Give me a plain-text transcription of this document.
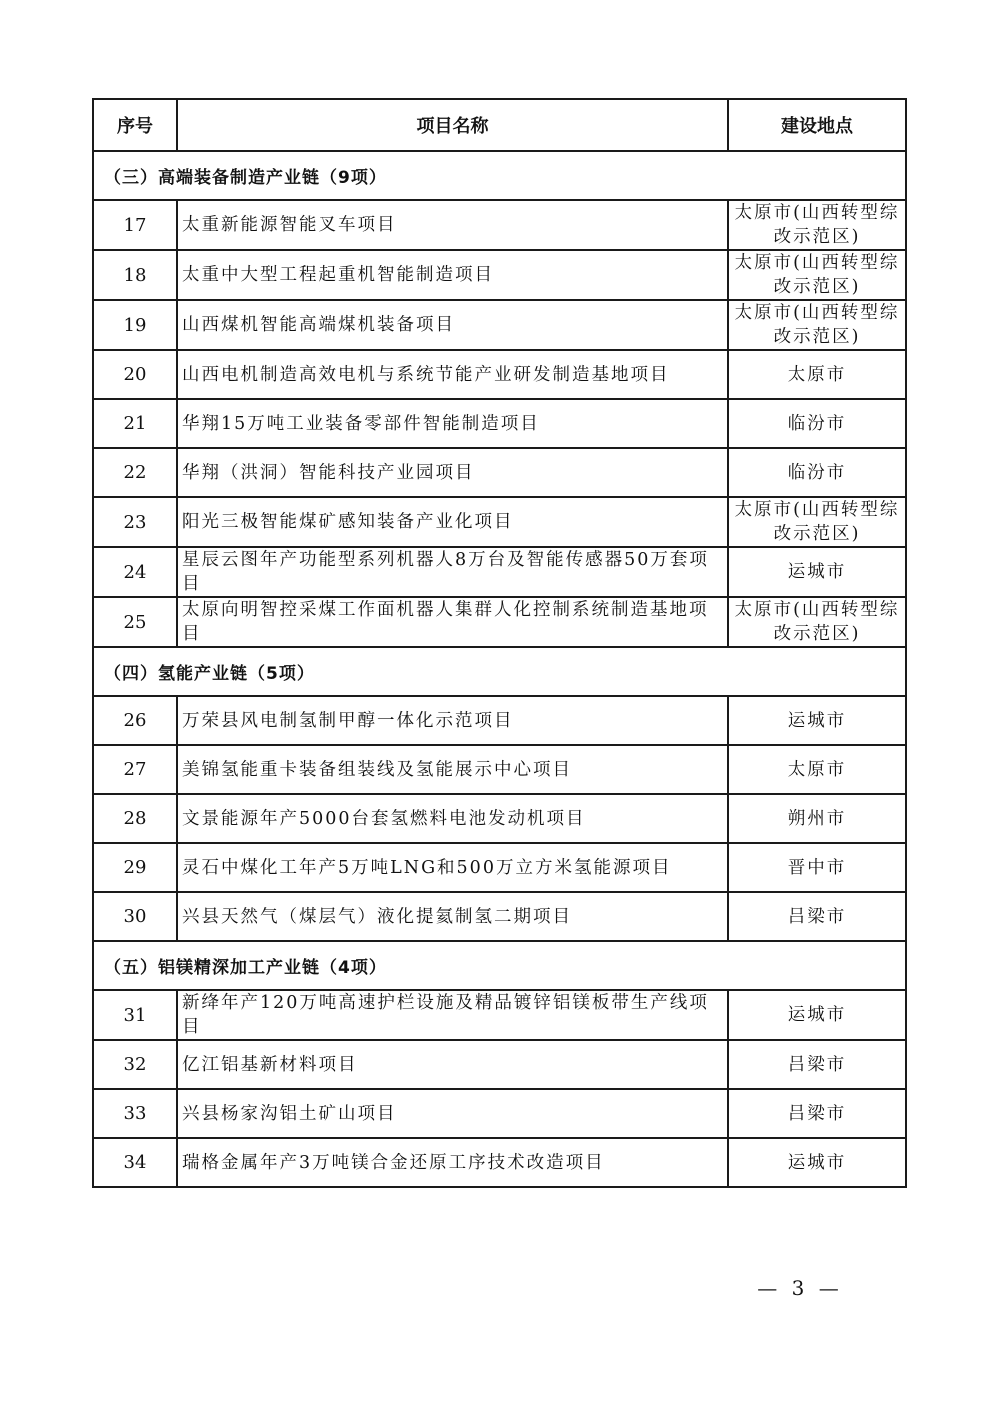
序号	项目名称	建设地点
（三）高端装备制造产业链（9项）		
17	太重新能源智能叉车项目	太原市(山西转型综改示范区)
18	太重中大型工程起重机智能制造项目	太原市(山西转型综改示范区)
19	山西煤机智能高端煤机装备项目	太原市(山西转型综改示范区)
20	山西电机制造高效电机与系统节能产业研发制造基地项目	太原市
21	华翔15万吨工业装备零部件智能制造项目	临汾市
22	华翔（洪洞）智能科技产业园项目	临汾市
23	阳光三极智能煤矿感知装备产业化项目	太原市(山西转型综改示范区)
24	星辰云图年产功能型系列机器人8万台及智能传感器50万套项目	运城市
25	太原向明智控采煤工作面机器人集群人化控制系统制造基地项目	太原市(山西转型综改示范区)
（四）氢能产业链（5项）		
26	万荣县风电制氢制甲醇一体化示范项目	运城市
27	美锦氢能重卡装备组装线及氢能展示中心项目	太原市
28	文景能源年产5000台套氢燃料电池发动机项目	朔州市
29	灵石中煤化工年产5万吨LNG和500万立方米氢能源项目	晋中市
30	兴县天然气（煤层气）液化提氦制氢二期项目	吕梁市
（五）铝镁精深加工产业链（4项）		
31	新绛年产120万吨高速护栏设施及精品镀锌铝镁板带生产线项目	运城市
32	亿江铝基新材料项目	吕梁市
33	兴县杨家沟铝土矿山项目	吕梁市
34	瑞格金属年产3万吨镁合金还原工序技术改造项目	运城市
— 3 —
